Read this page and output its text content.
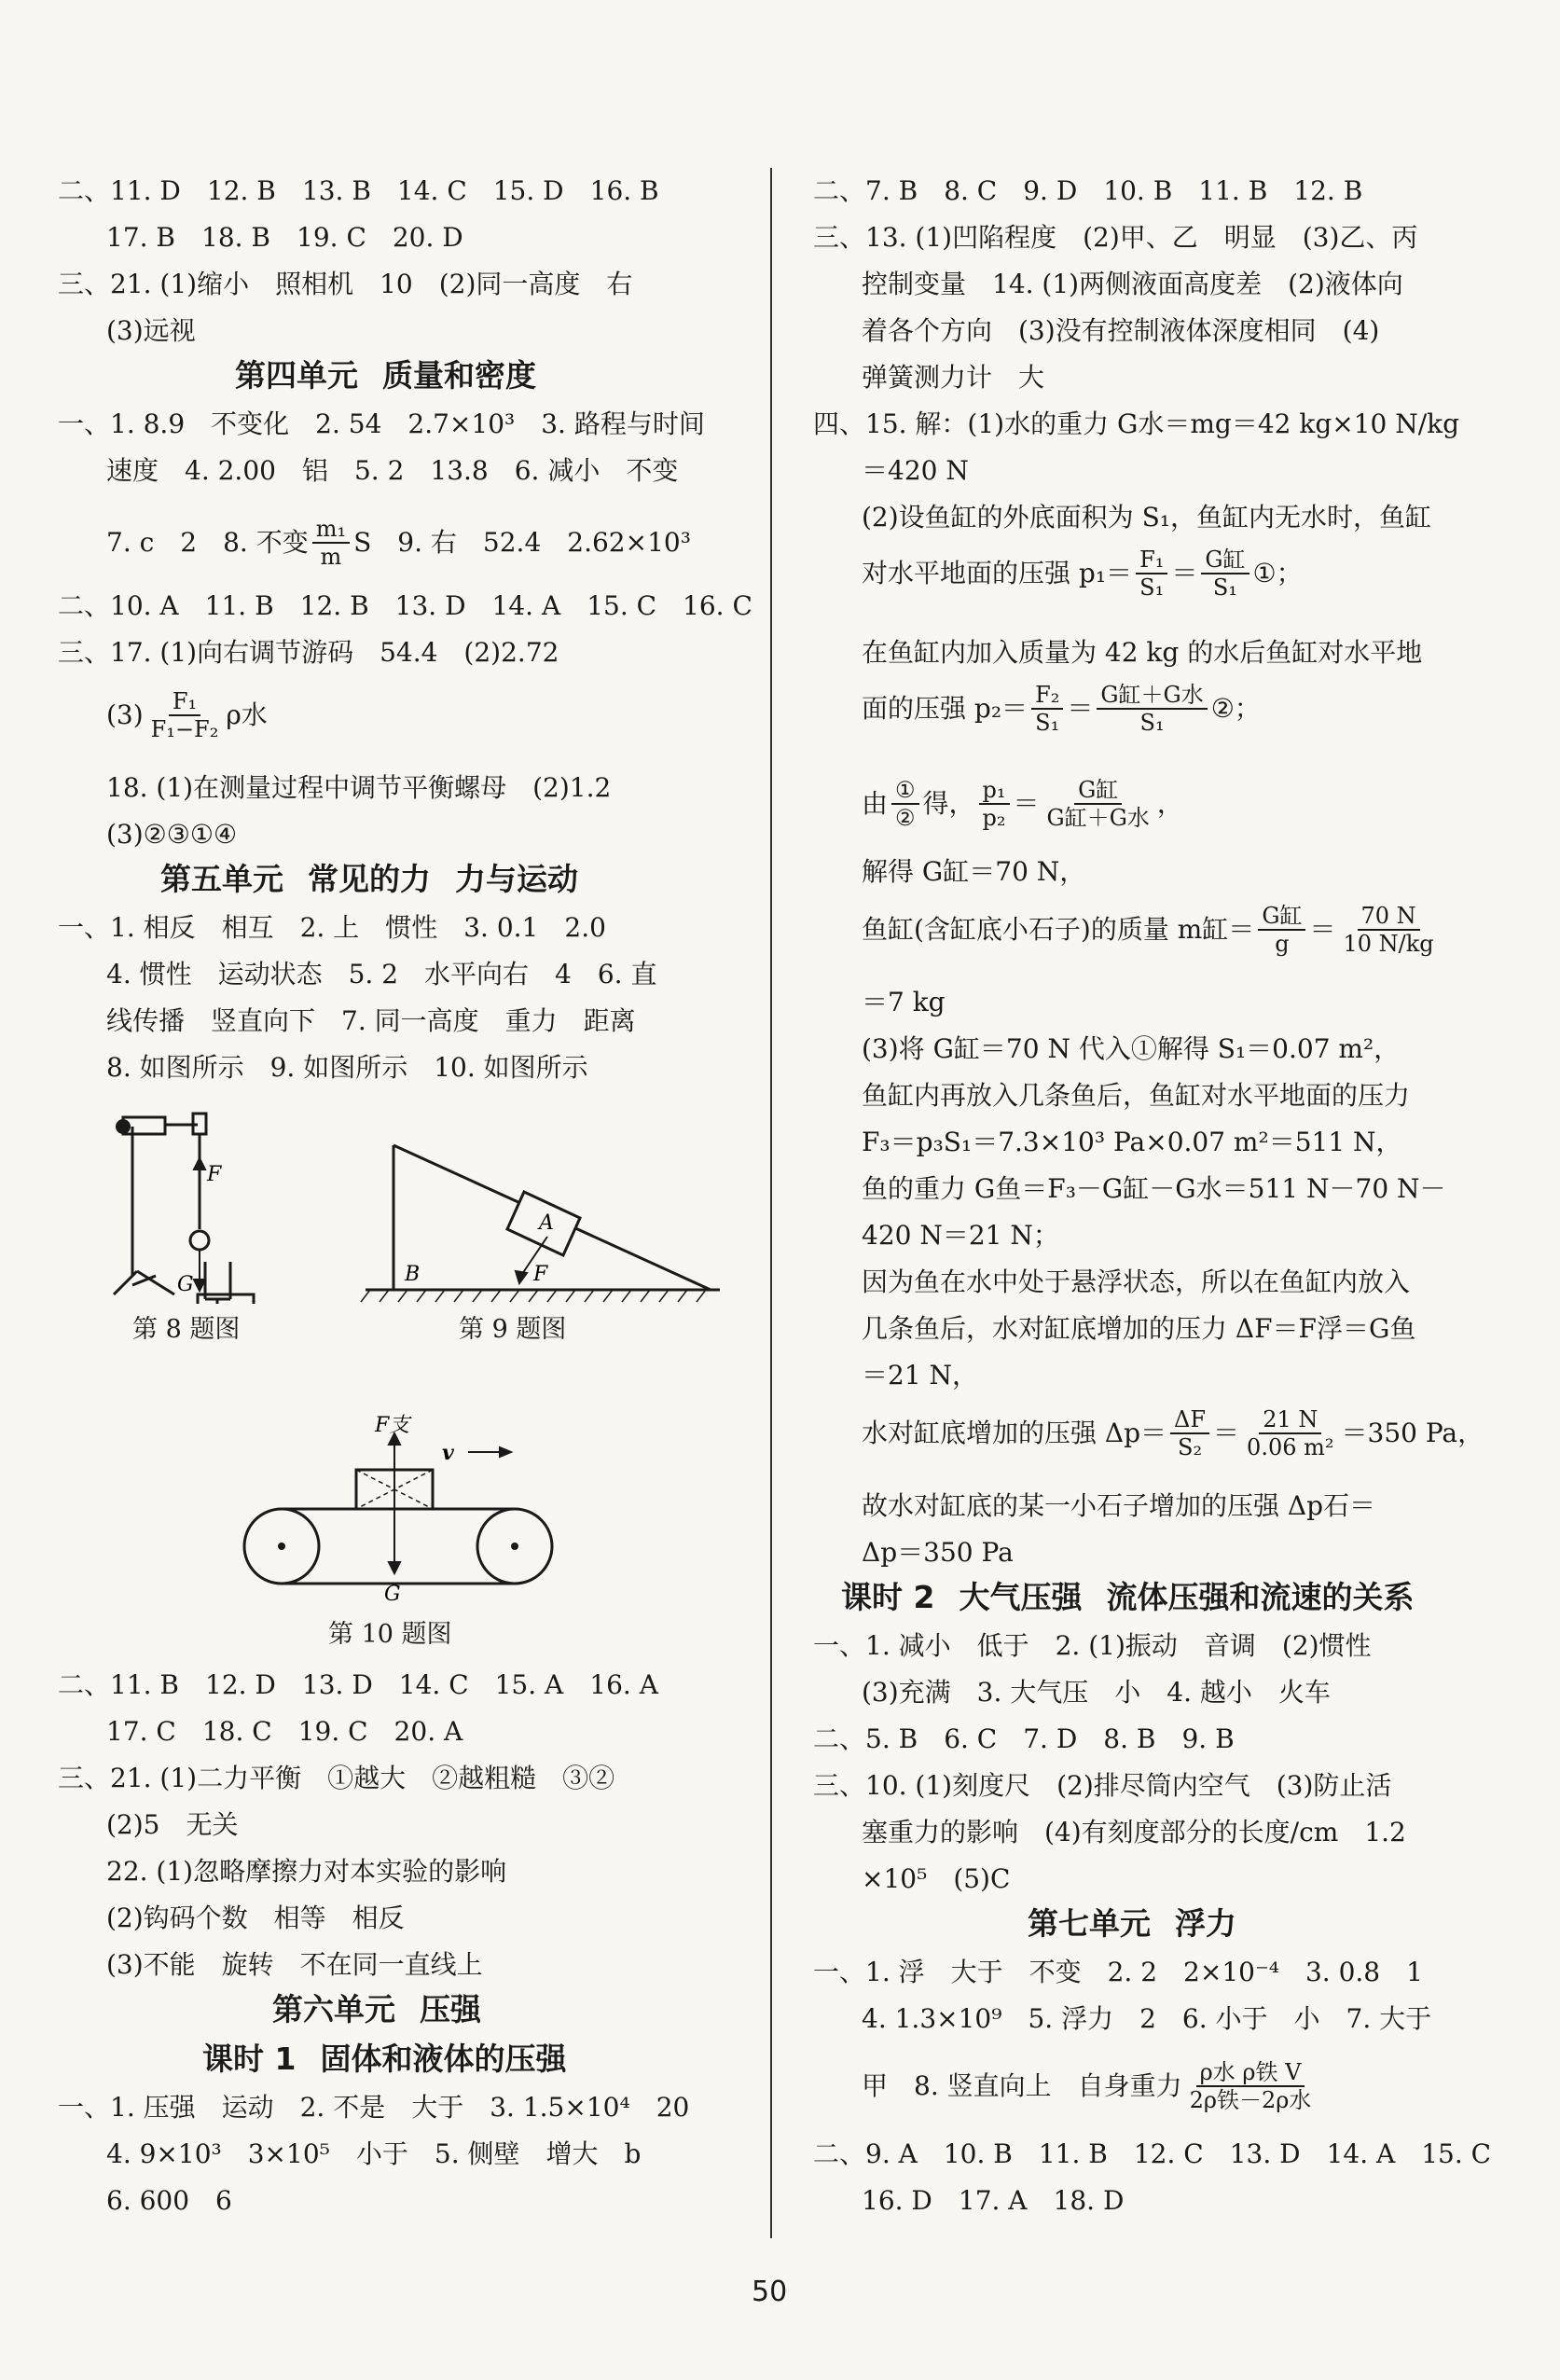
二、11. D　12. B　13. B　14. C　15. D　16. B
17. B　18. B　19. C　20. D
三、21. (1)缩小　照相机　10　(2)同一高度　右
(3)远视
第四单元 质量和密度
一、1. 8.9　不变化　2. 54　2.7×10³　3. 路程与时间
速度　4. 2.00　铝　5. 2　13.8　6. 减小　不变
7. c　2　8. 不变 $\frac{\text{m₁}}{m}$ S　9. 右　52.4　2.62×10³
二、10. A　11. B　12. B　13. D　14. A　15. C　16. C
三、17. (1)向右调节游码　54.4　(2)2.72
$(3) \frac{\text{F₁}}{\text{F₁−F₂}}$ ρ水
18. (1)在测量过程中调节平衡螺母　(2)1.2
(3)②③①④
第五单元 常见的力 力与运动
一、1. 相反　相互　2. 上　惯性　3. 0.1　2.0
4. 惯性　运动状态　5. 2　水平向右　4　6. 直
线传播　竖直向下　7. 同一高度　重力　距离
8. 如图所示　9. 如图所示　10. 如图所示
F
G
第 8 题图
A
B	F
第 9 题图
F支
v
G
第 10 题图
二、11. B　12. D　13. D　14. C　15. A　16. A
17. C　18. C　19. C　20. A
三、21. (1)二力平衡　①越大　②越粗糙　③②
(2)5　无关
22. (1)忽略摩擦力对本实验的影响
(2)钩码个数　相等　相反
(3)不能　旋转　不在同一直线上
第六单元 压强
课时 1 固体和液体的压强
一、1. 压强　运动　2. 不是　大于　3. 1.5×10⁴　20
4. 9×10³　3×10⁵　小于　5. 侧壁　增大　b
6. 600　6
二、7. B　8. C　9. D　10. B　11. B　12. B
三、13. (1)凹陷程度　(2)甲、乙　明显　(3)乙、丙
控制变量　14. (1)两侧液面高度差　(2)液体向
着各个方向　(3)没有控制液体深度相同　(4)
弹簧测力计　大
四、15. 解：(1)水的重力 G水＝mg＝42 kg×10 N/kg
＝420 N
(2)设鱼缸的外底面积为 S₁，鱼缸内无水时，鱼缸
对水平地面的压强 $p_1= \frac{\text{F₁}}{\text{S₁}} = \frac{\text{G缸}}{\text{S₁}}$ ①；
在鱼缸内加入质量为 42 kg 的水后鱼缸对水平地
面的压强 $p_2= \frac{\text{F₂}}{\text{S₁}} = \frac{\text{G缸＋G水}}{\text{S₁}}$ ②；
由 $\frac{\text{①}}{\text{②}}$ 得， $\frac{\text{p₁}}{\text{p₂}} = \frac{\text{G缸}}{\text{G缸＋G水}}$ ，
解得 G缸＝70 N，
鱼缸(含缸底小石子)的质量 m缸＝ $\frac{\text{G缸}}{g} = \frac{70 N}{10 N/kg}$
＝7 kg
(3)将 G缸＝70 N 代入①解得 S₁＝0.07 m²，
鱼缸内再放入几条鱼后，鱼缸对水平地面的压力
F₃＝p₃S₁＝7.3×10³ Pa×0.07 m²＝511 N，
鱼的重力 G鱼＝F₃－G缸－G水＝511 N－70 N－
420 N＝21 N；
因为鱼在水中处于悬浮状态，所以在鱼缸内放入
几条鱼后，水对缸底增加的压力 ΔF＝F浮＝G鱼
＝21 N，
水对缸底增加的压强 $\Delta p= \frac{\Delta F}{\text{S₂}} = \frac{21 N}{\text{0.06 m²}} =350$ Pa，
故水对缸底的某一小石子增加的压强 Δp石＝
Δp＝350 Pa
课时 2 大气压强 流体压强和流速的关系
一、1. 减小　低于　2. (1)振动　音调　(2)惯性
(3)充满　3. 大气压　小　4. 越小　火车
二、5. B　6. C　7. D　8. B　9. B
三、10. (1)刻度尺　(2)排尽筒内空气　(3)防止活
塞重力的影响　(4)有刻度部分的长度/cm　1.2
×10⁵　(5)C
第七单元 浮力
一、1. 浮　大于　不变　2. 2　2×10⁻⁴　3. 0.8　1
4. 1.3×10⁹　5. 浮力　2　6. 小于　小　7. 大于
甲　8. 竖直向上　自身重力 $\frac{\text{ρ水 ρ铁 V}}{\text{2ρ铁－2ρ水}}$
二、9. A　10. B　11. B　12. C　13. D　14. A　15. C
16. D　17. A　18. D
50
